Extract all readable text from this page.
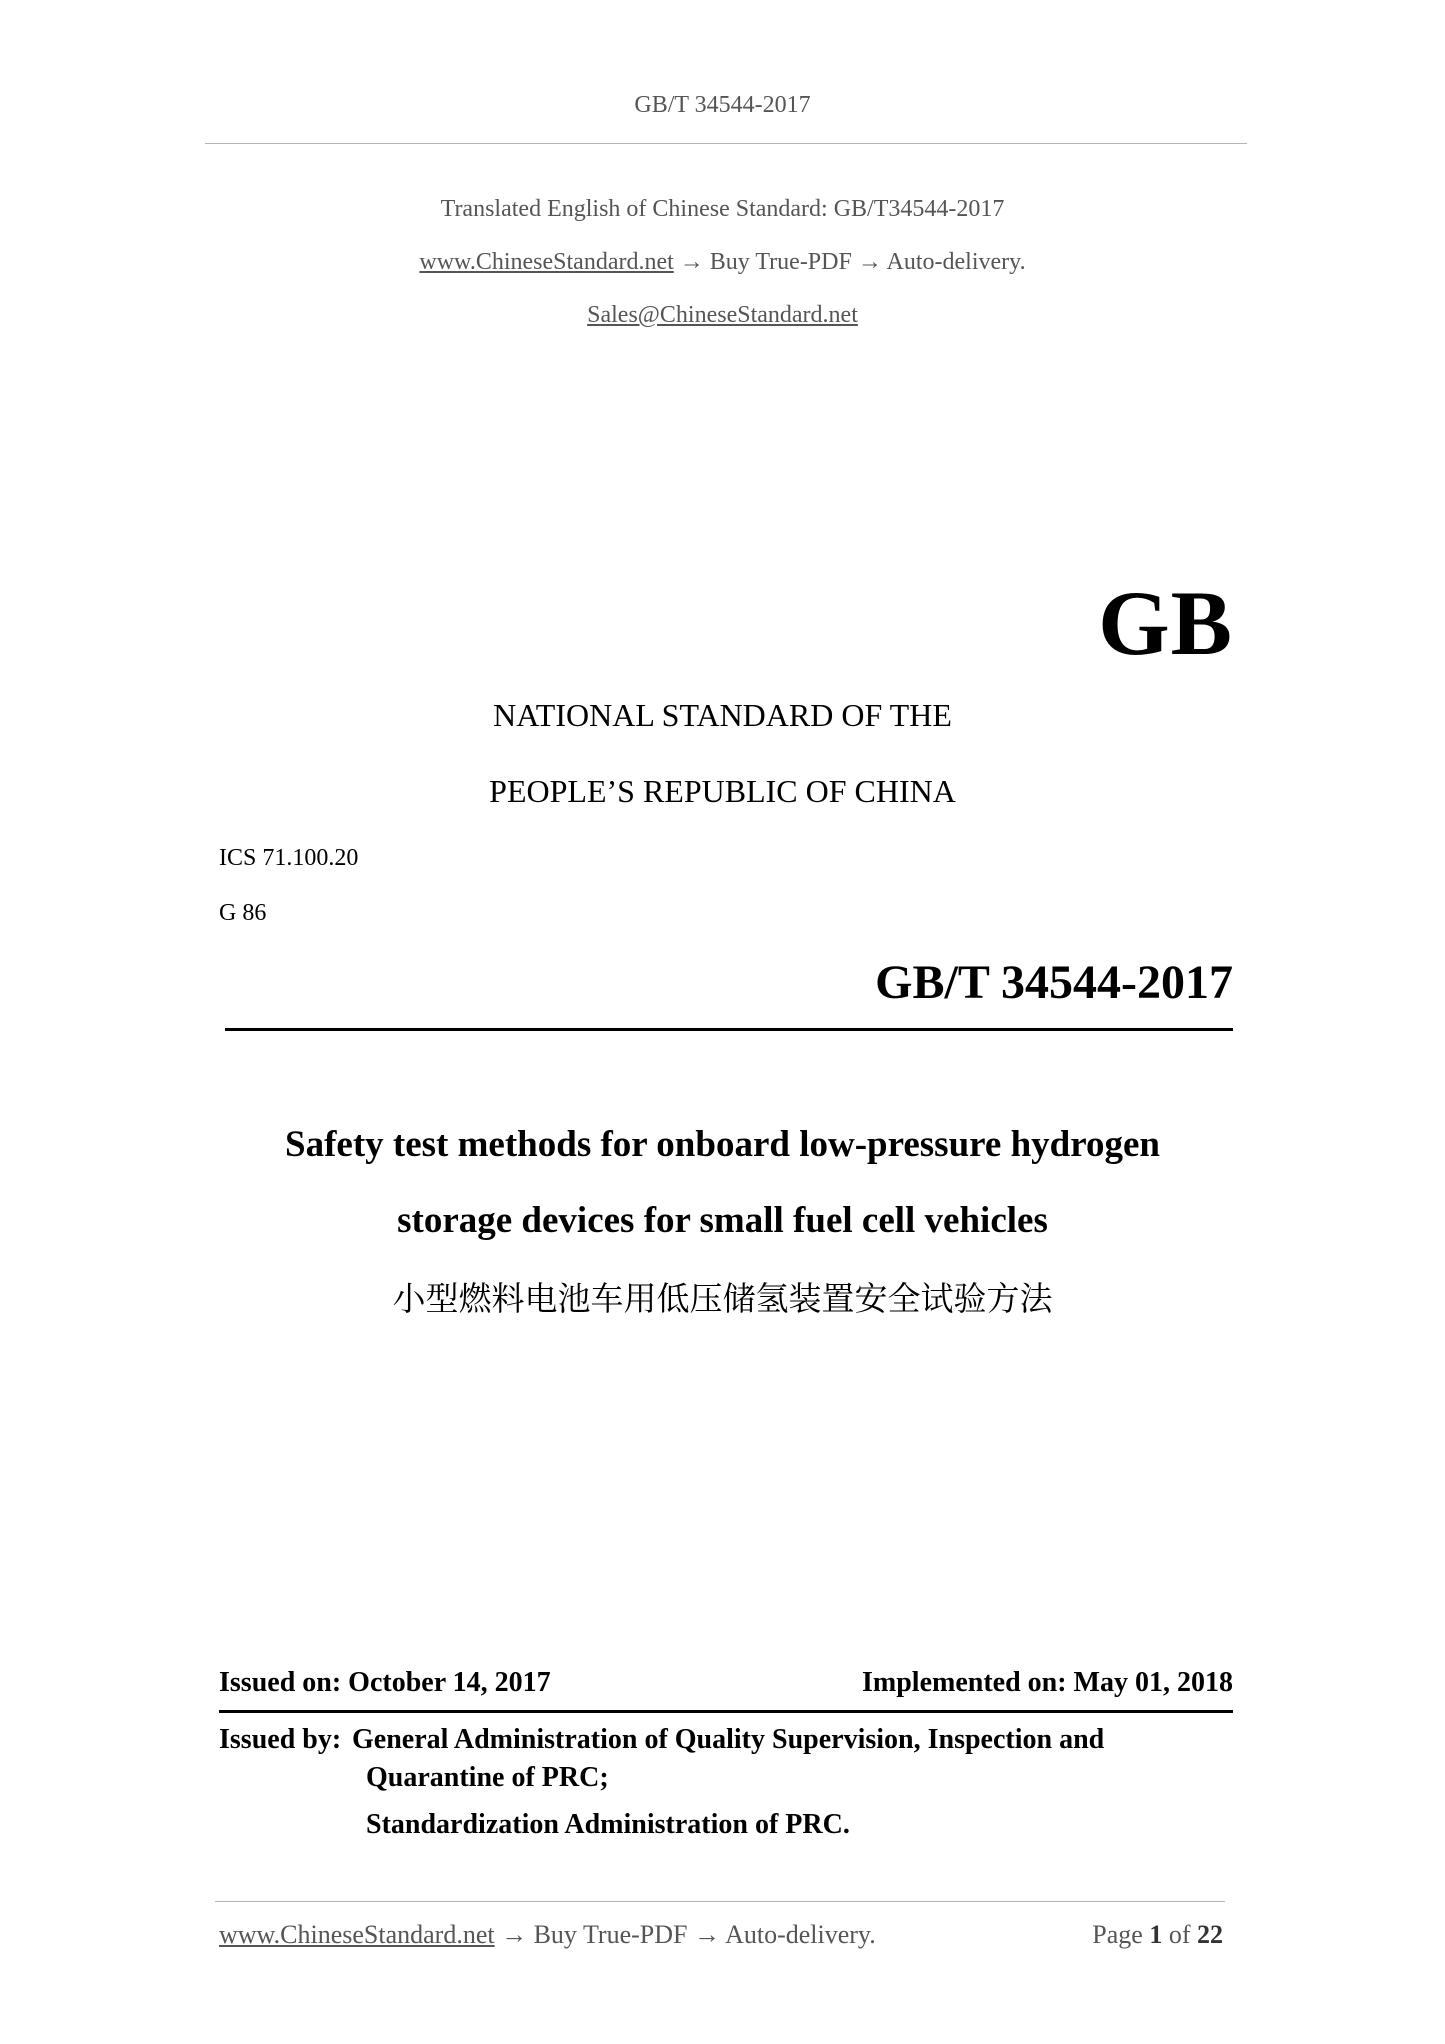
GB/T 34544-2017
Translated English of Chinese Standard: GB/T34544-2017
www.ChineseStandard.net → Buy True-PDF → Auto-delivery.
Sales@ChineseStandard.net
GB
NATIONAL STANDARD OF THE
PEOPLE’S REPUBLIC OF CHINA
ICS 71.100.20
G 86
GB/T 34544-2017
Safety test methods for onboard low-pressure hydrogen
storage devices for small fuel cell vehicles
小型燃料电池车用低压储氢装置安全试验方法
Issued on: October 14, 2017	Implemented on: May 01, 2018
Issued by: General Administration of Quality Supervision, Inspection and
Quarantine of PRC;
Standardization Administration of PRC.
www.ChineseStandard.net → Buy True-PDF → Auto-delivery.	Page 1 of 22
